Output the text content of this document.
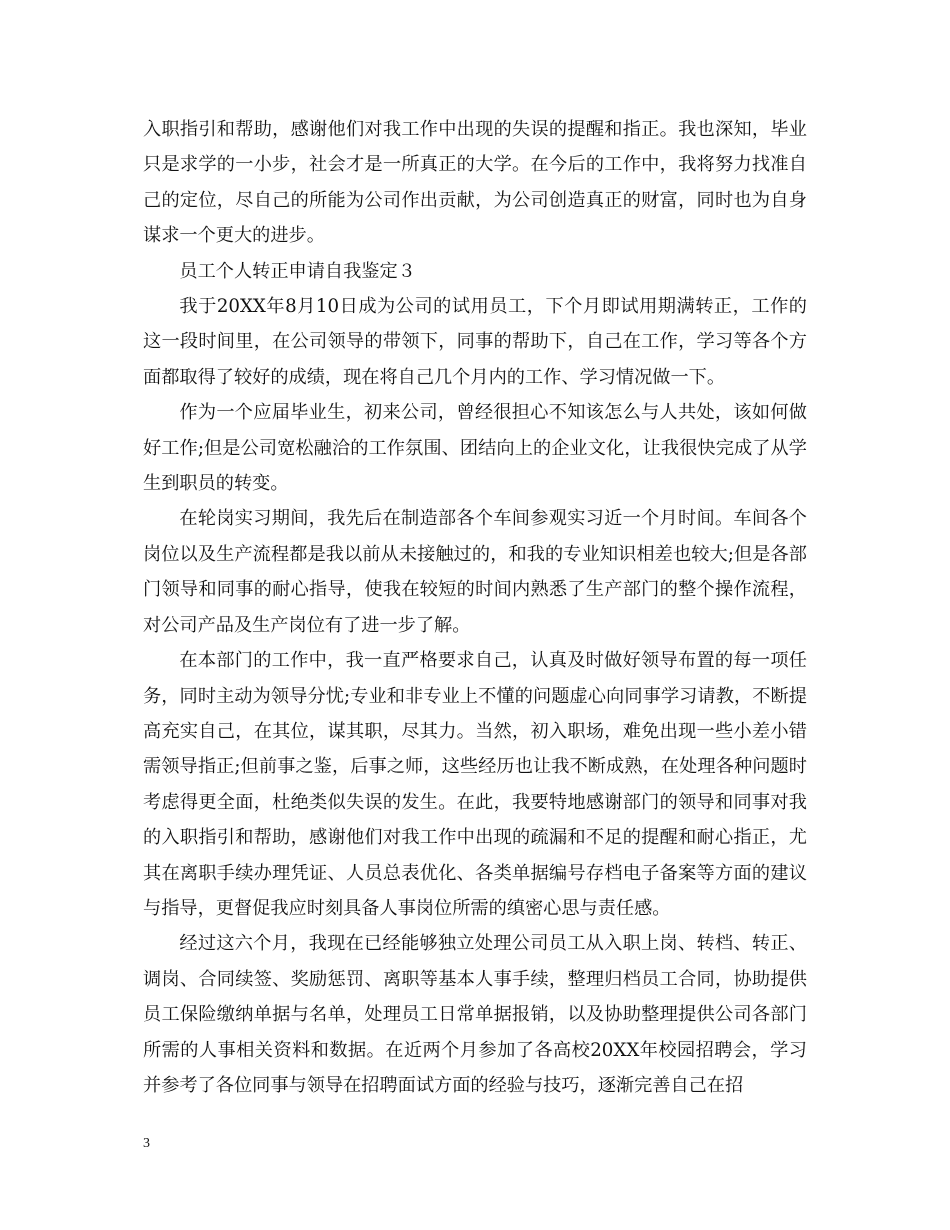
入职指引和帮助，感谢他们对我工作中出现的失误的提醒和指正。我也深知，毕业只是求学的一小步，社会才是一所真正的大学。在今后的工作中，我将努力找准自己的定位，尽自己的所能为公司作出贡献，为公司创造真正的财富，同时也为自身谋求一个更大的进步。

员工个人转正申请自我鉴定３

我于20XX年8月10日成为公司的试用员工，下个月即试用期满转正，工作的这一段时间里，在公司领导的带领下，同事的帮助下，自己在工作，学习等各个方面都取得了较好的成绩，现在将自己几个月内的工作、学习情况做一下。

作为一个应届毕业生，初来公司，曾经很担心不知该怎么与人共处，该如何做好工作;但是公司宽松融洽的工作氛围、团结向上的企业文化，让我很快完成了从学生到职员的转变。

在轮岗实习期间，我先后在制造部各个车间参观实习近一个月时间。车间各个岗位以及生产流程都是我以前从未接触过的，和我的专业知识相差也较大;但是各部门领导和同事的耐心指导，使我在较短的时间内熟悉了生产部门的整个操作流程，对公司产品及生产岗位有了进一步了解。

在本部门的工作中，我一直严格要求自己，认真及时做好领导布置的每一项任务，同时主动为领导分忧;专业和非专业上不懂的问题虚心向同事学习请教，不断提高充实自己，在其位，谋其职，尽其力。当然，初入职场，难免出现一些小差小错需领导指正;但前事之鉴，后事之师，这些经历也让我不断成熟，在处理各种问题时考虑得更全面，杜绝类似失误的发生。在此，我要特地感谢部门的领导和同事对我的入职指引和帮助，感谢他们对我工作中出现的疏漏和不足的提醒和耐心指正，尤其在离职手续办理凭证、人员总表优化、各类单据编号存档电子备案等方面的建议与指导，更督促我应时刻具备人事岗位所需的缜密心思与责任感。

经过这六个月，我现在已经能够独立处理公司员工从入职上岗、转档、转正、调岗、合同续签、奖励惩罚、离职等基本人事手续，整理归档员工合同，协助提供员工保险缴纳单据与名单，处理员工日常单据报销，以及协助整理提供公司各部门所需的人事相关资料和数据。在近两个月参加了各高校20XX年校园招聘会，学习并参考了各位同事与领导在招聘面试方面的经验与技巧，逐渐完善自己在招

3
